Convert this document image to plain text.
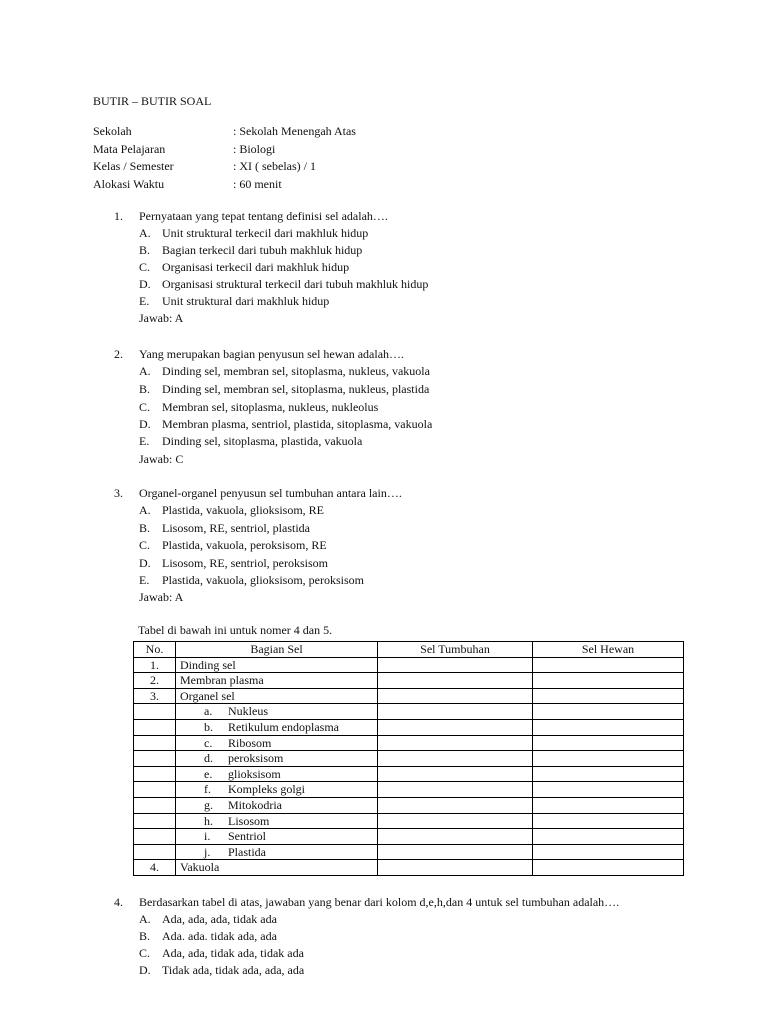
BUTIR – BUTIR SOAL
Sekolah	: Sekolah Menengah Atas
Mata Pelajaran	: Biologi
Kelas / Semester	: XI ( sebelas) / 1
Alokasi Waktu	: 60 menit
1. Pernyataan yang tepat tentang definisi sel adalah….
A. Unit struktural terkecil dari makhluk hidup
B. Bagian terkecil dari tubuh makhluk hidup
C. Organisasi terkecil dari makhluk hidup
D. Organisasi struktural terkecil dari tubuh makhluk hidup
E. Unit struktural dari makhluk hidup
Jawab: A
2. Yang merupakan bagian penyusun sel hewan adalah….
A. Dinding sel, membran sel, sitoplasma, nukleus, vakuola
B. Dinding sel, membran sel, sitoplasma, nukleus, plastida
C. Membran sel, sitoplasma, nukleus, nukleolus
D. Membran plasma, sentriol, plastida, sitoplasma, vakuola
E. Dinding sel, sitoplasma, plastida, vakuola
Jawab: C
3. Organel-organel penyusun sel tumbuhan antara lain….
A. Plastida, vakuola, glioksisom, RE
B. Lisosom, RE, sentriol, plastida
C. Plastida, vakuola, peroksisom, RE
D. Lisosom, RE, sentriol, peroksisom
E. Plastida, vakuola, glioksisom, peroksisom
Jawab: A
Tabel di bawah ini untuk nomer 4 dan 5.
No.	Bagian Sel	Sel Tumbuhan	Sel Hewan
1.	Dinding sel		
2.	Membran plasma		
3.	Organel sel		
	a. Nukleus		
	b. Retikulum endoplasma		
	c. Ribosom		
	d. peroksisom		
	e. glioksisom		
	f. Kompleks golgi		
	g. Mitokodria		
	h. Lisosom		
	i. Sentriol		
	j. Plastida		
4.	Vakuola		
4. Berdasarkan tabel di atas, jawaban yang benar dari kolom d,e,h,dan 4 untuk sel tumbuhan adalah….
A. Ada, ada, ada, tidak ada
B. Ada. ada. tidak ada, ada
C. Ada, ada, tidak ada, tidak ada
D. Tidak ada, tidak ada, ada, ada
